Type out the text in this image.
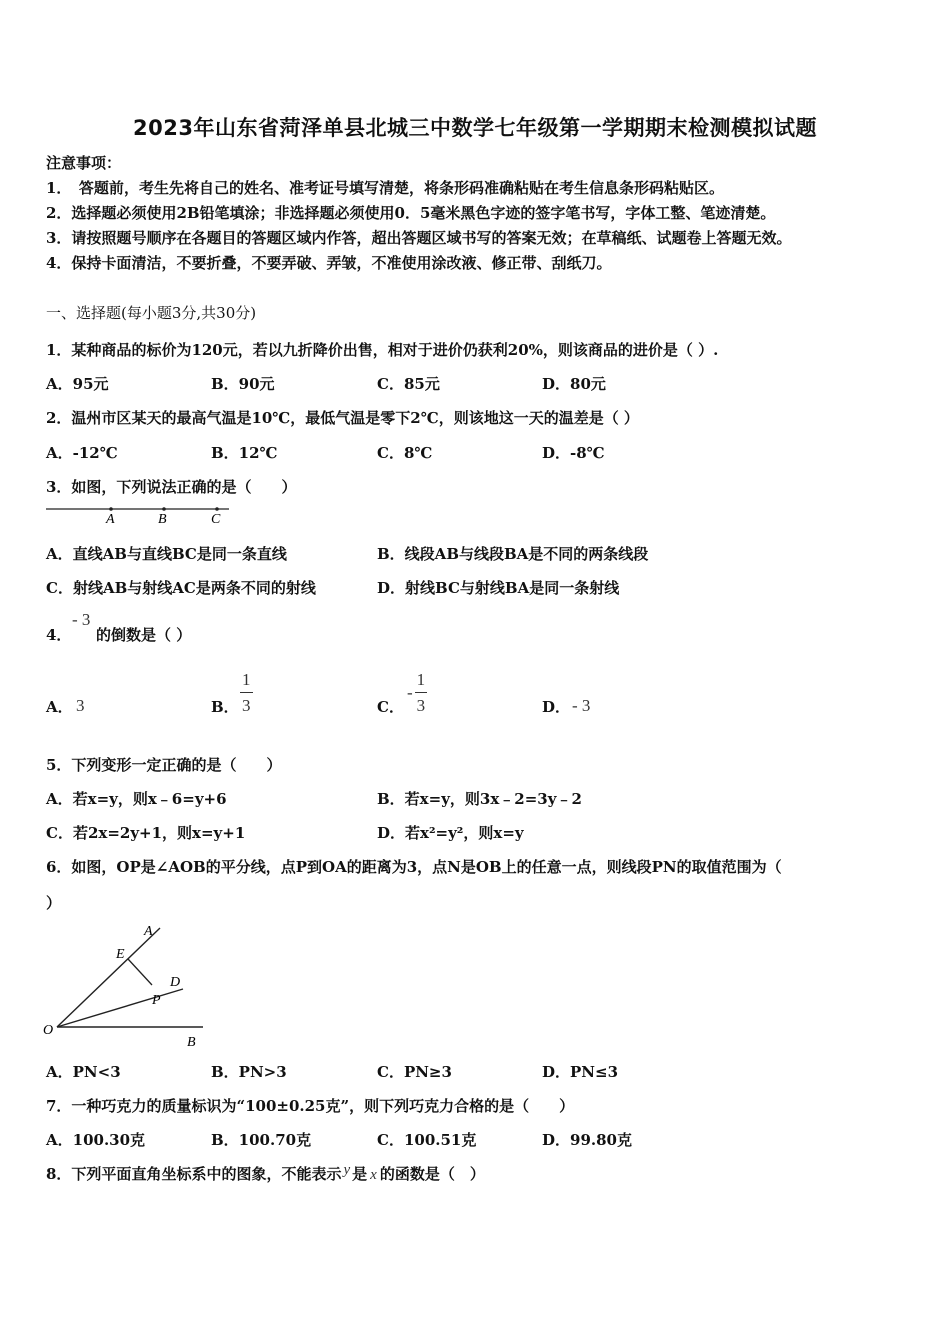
2023年山东省菏泽单县北城三中数学七年级第一学期期末检测模拟试题
注意事项：
1．　答题前，考生先将自己的姓名、准考证号填写清楚，将条形码准确粘贴在考生信息条形码粘贴区。
2．选择题必须使用2B铅笔填涂；非选择题必须使用0．5毫米黑色字迹的签字笔书写，字体工整、笔迹清楚。
3．请按照题号顺序在各题目的答题区域内作答，超出答题区域书写的答案无效；在草稿纸、试题卷上答题无效。
4．保持卡面清洁，不要折叠，不要弄破、弄皱，不准使用涂改液、修正带、刮纸刀。
一、选择题(每小题3分,共30分)
1．某种商品的标价为120元，若以九折降价出售，相对于进价仍获利20%，则该商品的进价是（ ）.
A．95元	B．90元	C．85元	D．80元
2．温州市区某天的最高气温是10℃，最低气温是零下2℃，则该地这一天的温差是（ ）
A．-12℃	B．12℃	C．8℃	D．-8℃
3．如图，下列说法正确的是（　　）
A	B	C
A．直线AB与直线BC是同一条直线	B．线段AB与线段BA是不同的两条线段
C．射线AB与射线AC是两条不同的射线	D．射线BC与射线BA是同一条射线
4．
- 3
的倒数是（ ）
A． 3	B． $\frac{1}{3}$	C．
- $\frac{1}{3}$	D． - 3
5．下列变形一定正确的是（　　）
A．若x=y，则x﹣6=y+6	B．若x=y，则3x﹣2=3y﹣2
C．若2x=2y+1，则x=y+1	D．若x²=y²，则x=y
6．如图，OP是∠AOB的平分线，点P到OA的距离为3，点N是OB上的任意一点，则线段PN的取值范围为（
）
A
E
D
P
O
B
A．PN<3	B．PN>3	C．PN≥3	D．PN≤3
7．一种巧克力的质量标识为“100±0.25克”，则下列巧克力合格的是（　　）
A．100.30克	B．100.70克	C．100.51克	D．99.80克
8．下列平面直角坐标系中的图象，不能表示 y 是 x 的函数是（　）
